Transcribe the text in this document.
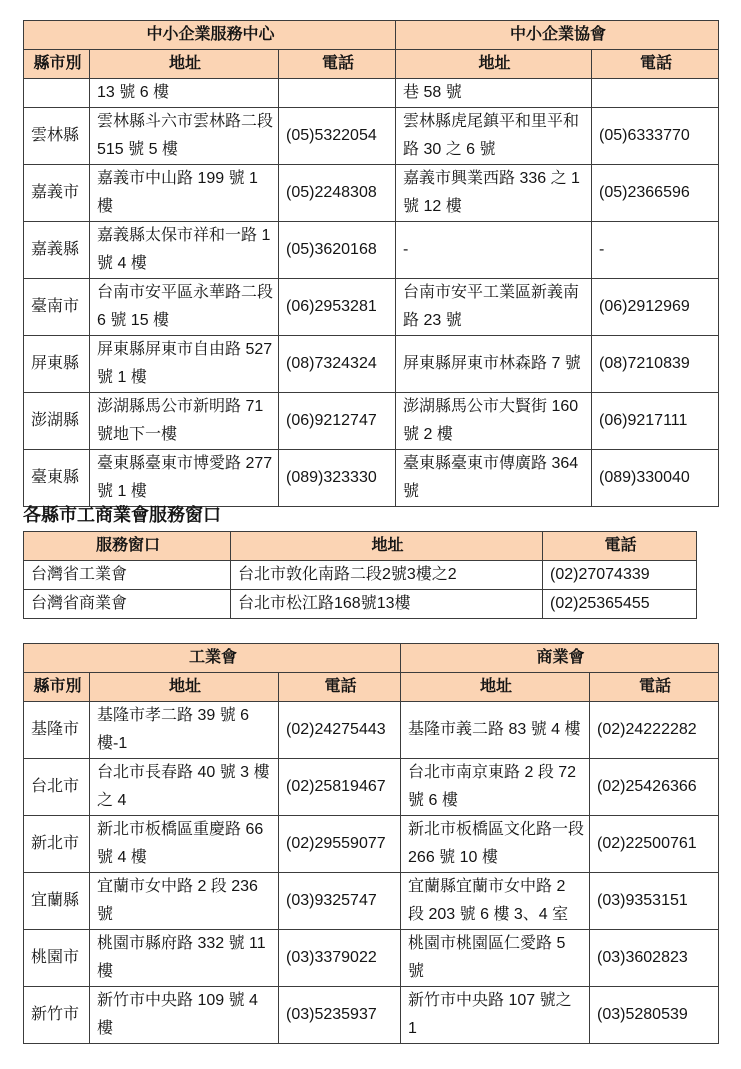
中小企業服務中心			中小企業協會	
縣市別	地址	電話	地址	電話

	13 號 6 樓		巷 58 號	

雲林縣	雲林縣斗六市雲林路二段 515 號 5 樓	(05)5322054	雲林縣虎尾鎮平和里平和路 30 之 6 號	(05)6333770

嘉義市	嘉義市中山路 199 號 1 樓	(05)2248308	嘉義市興業西路 336 之 1 號 12 樓	(05)2366596

嘉義縣	嘉義縣太保市祥和一路 1 號 4 樓	(05)3620168	-	-

臺南市	台南市安平區永華路二段 6 號 15 樓	(06)2953281	台南市安平工業區新義南路 23 號	(06)2912969

屏東縣	屏東縣屏東市自由路 527 號 1 樓	(08)7324324	屏東縣屏東市林森路 7 號	(08)7210839

澎湖縣	澎湖縣馬公市新明路 71 號地下一樓	(06)9212747	澎湖縣馬公市大賢街 160 號 2 樓	(06)9217111

臺東縣	臺東縣臺東市博愛路 277 號 1 樓	(089)323330	臺東縣臺東市傳廣路 364 號	(089)330040
各縣市工商業會服務窗口
服務窗口	地址	電話

台灣省工業會	台北市敦化南路二段2號3樓之2	(02)27074339

台灣省商業會	台北市松江路168號13樓	(02)25365455
工業會			商業會	
縣市別	地址	電話	地址	電話

基隆市	基隆市孝二路 39 號 6 樓-1	(02)24275443	基隆市義二路 83 號 4 樓	(02)24222282

台北市	台北市長春路 40 號 3 樓之 4	(02)25819467	台北市南京東路 2 段 72 號 6 樓	(02)25426366

新北市	新北市板橋區重慶路 66 號 4 樓	(02)29559077	新北市板橋區文化路一段 266 號 10 樓	(02)22500761

宜蘭縣	宜蘭市女中路 2 段 236 號	(03)9325747	宜蘭縣宜蘭市女中路 2 段 203 號 6 樓 3、4 室	(03)9353151

桃園市	桃園市縣府路 332 號 11 樓	(03)3379022	桃園市桃園區仁愛路 5 號	(03)3602823

新竹市	新竹市中央路 109 號 4 樓	(03)5235937	新竹市中央路 107 號之 1	(03)5280539
